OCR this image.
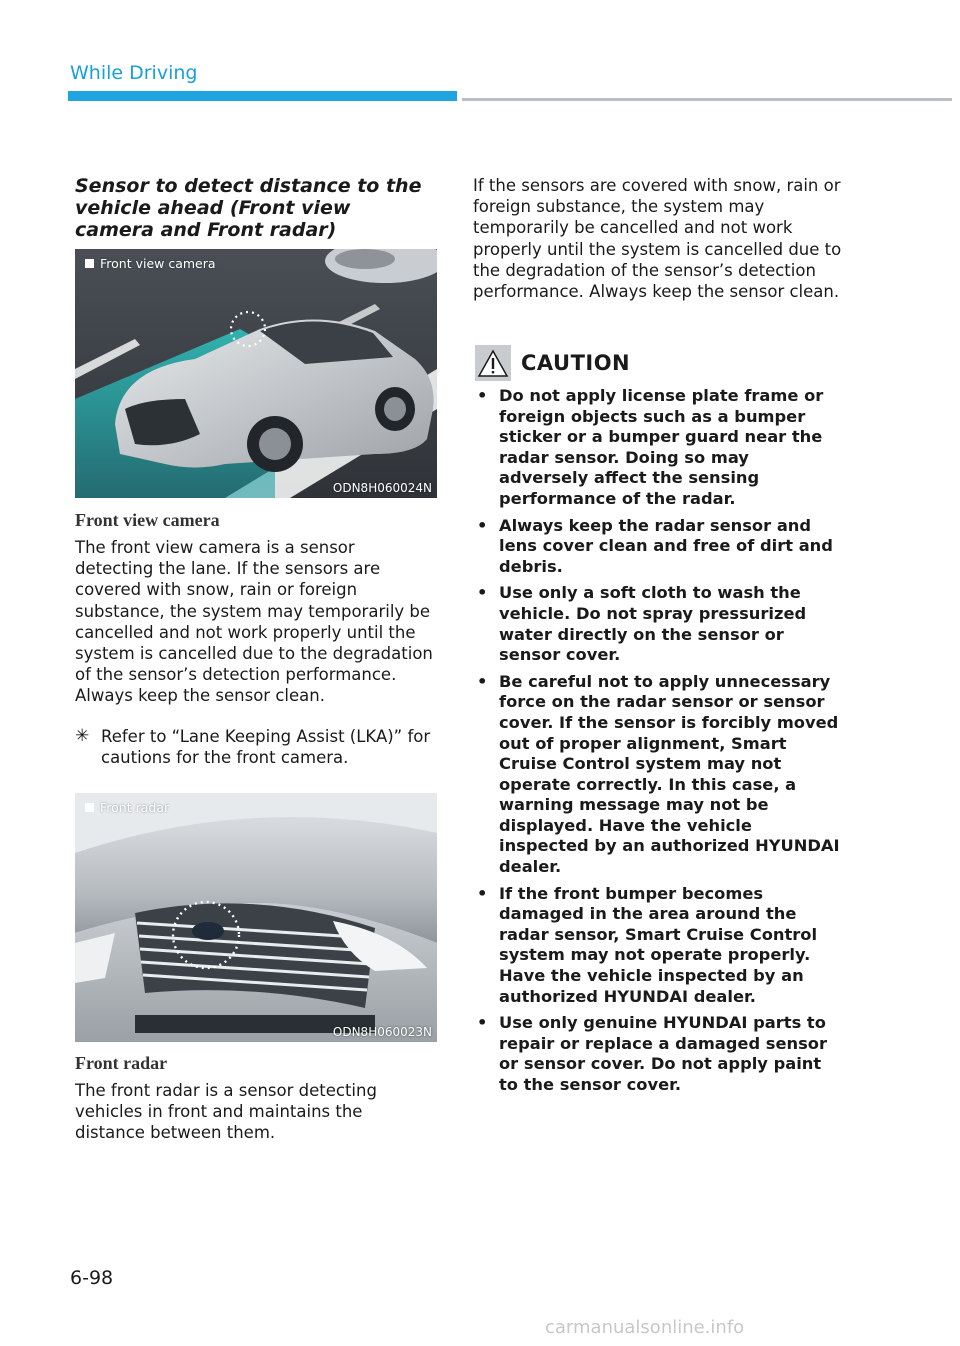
While Driving
Sensor to detect distance to the vehicle ahead (Front view camera and Front radar)
Front view camera
ODN8H060024N
Front view camera
The front view camera is a sensor detecting the lane. If the sensors are covered with snow, rain or foreign substance, the system may temporarily be cancelled and not work properly until the system is cancelled due to the degradation of the sensor’s detection performance. Always keep the sensor clean.
✳ Refer to “Lane Keeping Assist (LKA)” for cautions for the front camera.
Front radar
ODN8H060023N
Front radar
The front radar is a sensor detecting vehicles in front and maintains the distance between them.
If the sensors are covered with snow, rain or foreign substance, the system may temporarily be cancelled and not work properly until the system is cancelled due to the degradation of the sensor’s detection performance. Always keep the sensor clean.
CAUTION
• Do not apply license plate frame or foreign objects such as a bumper sticker or a bumper guard near the radar sensor. Doing so may adversely affect the sensing performance of the radar.
• Always keep the radar sensor and lens cover clean and free of dirt and debris.
• Use only a soft cloth to wash the vehicle. Do not spray pressurized water directly on the sensor or sensor cover.
• Be careful not to apply unnecessary force on the radar sensor or sensor cover. If the sensor is forcibly moved out of proper alignment, Smart Cruise Control system may not operate correctly. In this case, a warning message may not be displayed. Have the vehicle inspected by an authorized HYUNDAI dealer.
• If the front bumper becomes damaged in the area around the radar sensor, Smart Cruise Control system may not operate properly. Have the vehicle inspected by an authorized HYUNDAI dealer.
• Use only genuine HYUNDAI parts to repair or replace a damaged sensor or sensor cover. Do not apply paint to the sensor cover.
6-98
carmanualsonline.info
